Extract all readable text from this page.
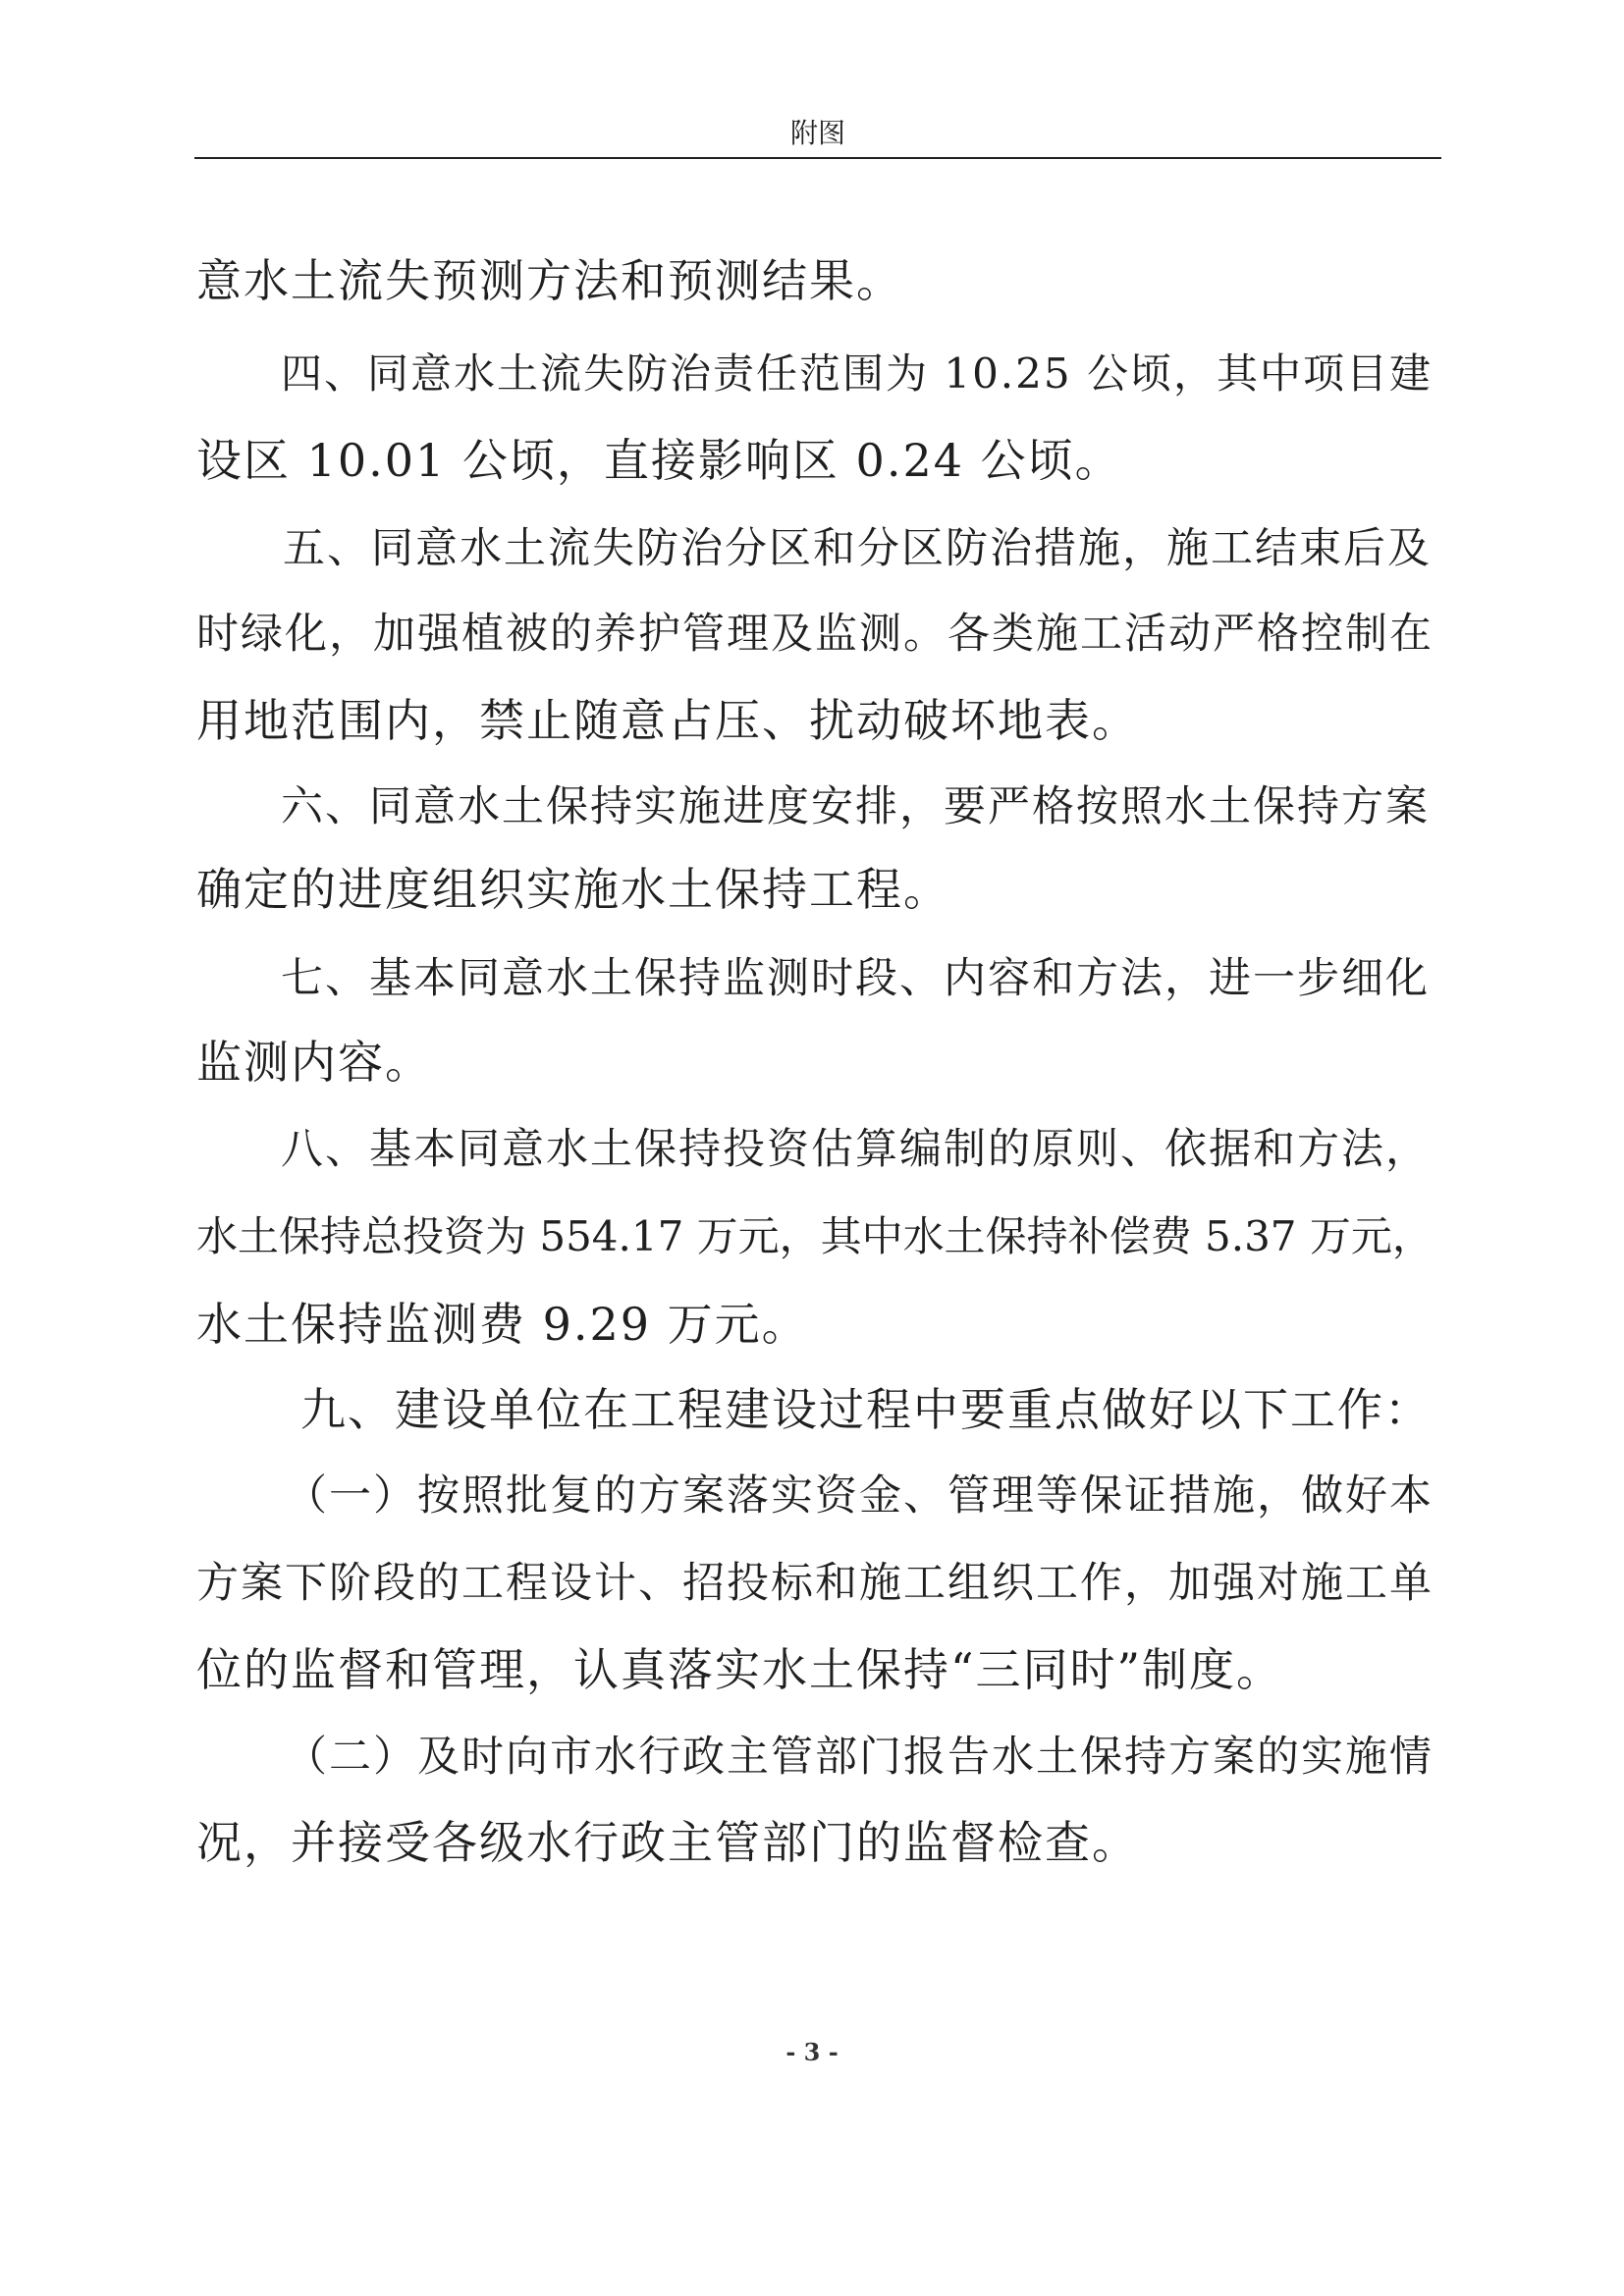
附图
意水土流失预测方法和预测结果。
四、同意水土流失防治责任范围为 10.25 公顷，其中项目建
设区 10.01 公顷，直接影响区 0.24 公顷。
五、同意水土流失防治分区和分区防治措施，施工结束后及
时绿化，加强植被的养护管理及监测。各类施工活动严格控制在
用地范围内，禁止随意占压、扰动破坏地表。
六、同意水土保持实施进度安排，要严格按照水土保持方案
确定的进度组织实施水土保持工程。
七、基本同意水土保持监测时段、内容和方法，进一步细化
监测内容。
八、基本同意水土保持投资估算编制的原则、依据和方法，
水土保持总投资为 554.17 万元，其中水土保持补偿费 5.37 万元，
水土保持监测费 9.29 万元。
九、建设单位在工程建设过程中要重点做好以下工作：
（一）按照批复的方案落实资金、管理等保证措施，做好本
方案下阶段的工程设计、招投标和施工组织工作，加强对施工单
位的监督和管理，认真落实水土保持“三同时”制度。
（二）及时向市水行政主管部门报告水土保持方案的实施情
况，并接受各级水行政主管部门的监督检查。
- 3 -
